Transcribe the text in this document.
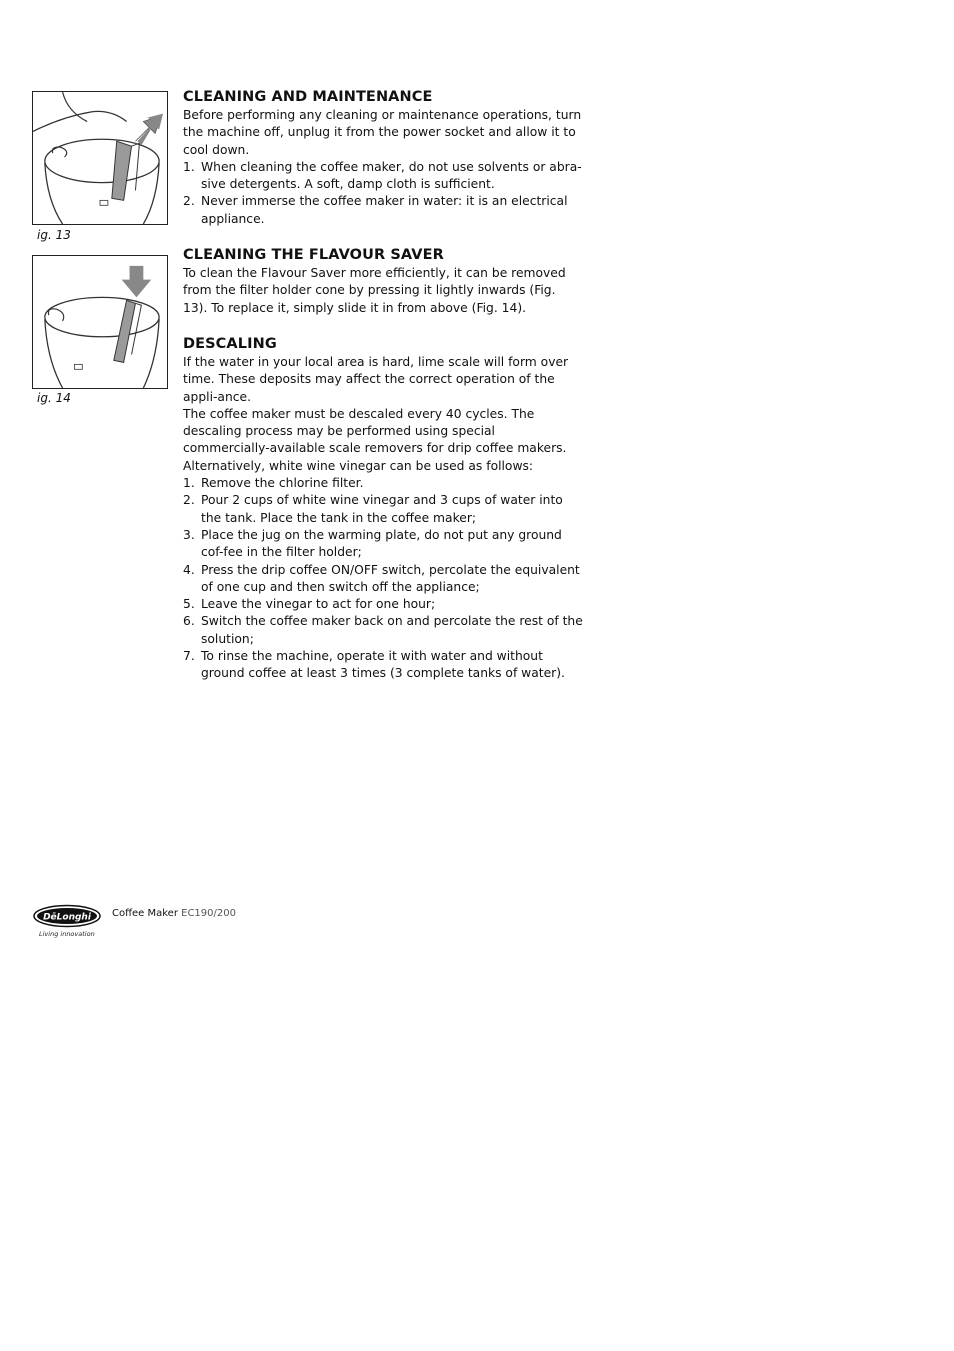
ig. 13
ig. 14
CLEANING AND MAINTENANCE

Before performing any cleaning or maintenance operations, turn the machine off, unplug it from the power socket and allow it to cool down.

1. When cleaning the coffee maker, do not use solvents or abra-sive detergents. A soft, damp cloth is sufficient.
2. Never immerse the coffee maker in water: it is an electrical appliance.
CLEANING THE FLAVOUR SAVER

To clean the Flavour Saver more efficiently, it can be removed from the filter holder cone by pressing it lightly inwards (Fig. 13). To replace it, simply slide it in from above (Fig. 14).

DESCALING

If the water in your local area is hard, lime scale will form over time. These deposits may affect the correct operation of the appli-ance.

The coffee maker must be descaled every 40 cycles. The descaling process may be performed using special commercially-available scale removers for drip coffee makers. Alternatively, white wine vinegar can be used as follows:

1. Remove the chlorine filter.
2. Pour 2 cups of white wine vinegar and 3 cups of water into the tank. Place the tank in the coffee maker;
3. Place the jug on the warming plate, do not put any ground cof-fee in the filter holder;
4. Press the drip coffee ON/OFF switch, percolate the equivalent of one cup and then switch off the appliance;
5. Leave the vinegar to act for one hour;
6. Switch the coffee maker back on and percolate the rest of the solution;
7. To rinse the machine, operate it with water and without ground coffee at least 3 times (3 complete tanks of water).
DēLonghi
Living innovation
Coffee Maker EC190/200
